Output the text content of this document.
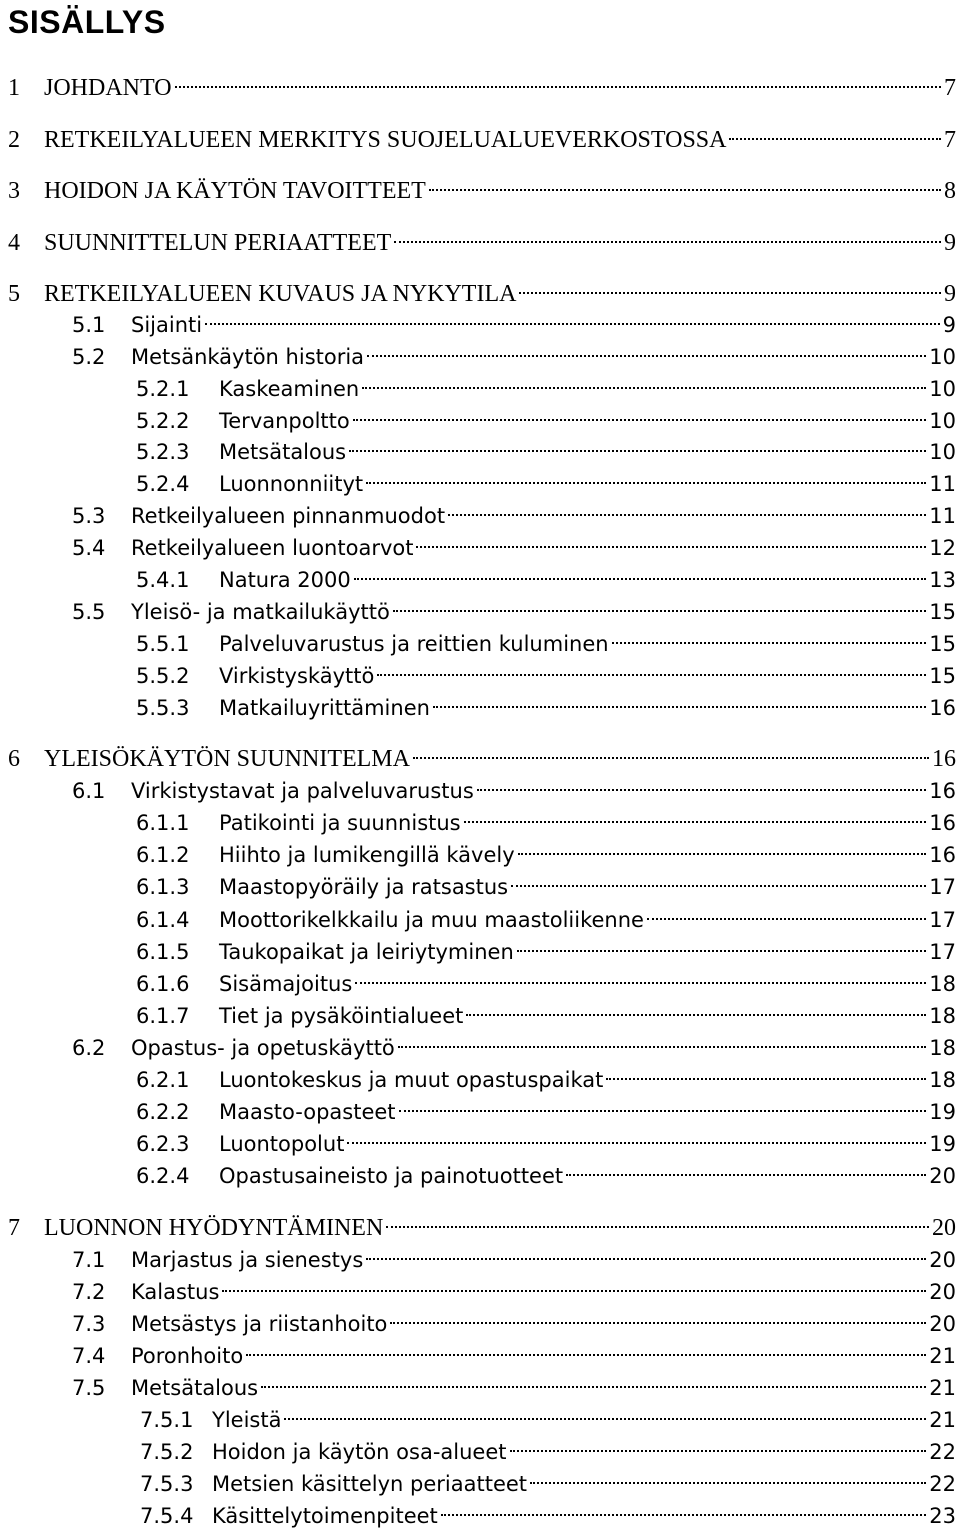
SISÄLLYS
1	JOHDANTO	7
2	RETKEILYALUEEN MERKITYS SUOJELUALUEVERKOSTOSSA	7
3	HOIDON JA KÄYTÖN TAVOITTEET	8
4	SUUNNITTELUN PERIAATTEET	9
5	RETKEILYALUEEN KUVAUS JA NYKYTILA	9
5.1	Sijainti	9
5.2	Metsänkäytön historia	10
5.2.1	Kaskeaminen	10
5.2.2	Tervanpoltto	10
5.2.3	Metsätalous	10
5.2.4	Luonnonniityt	11
5.3	Retkeilyalueen pinnanmuodot	11
5.4	Retkeilyalueen luontoarvot	12
5.4.1	Natura 2000	13
5.5	Yleisö- ja matkailukäyttö	15
5.5.1	Palveluvarustus ja reittien kuluminen	15
5.5.2	Virkistyskäyttö	15
5.5.3	Matkailuyrittäminen	16
6	YLEISÖKÄYTÖN SUUNNITELMA	16
6.1	Virkistystavat ja palveluvarustus	16
6.1.1	Patikointi ja suunnistus	16
6.1.2	Hiihto ja lumikengillä kävely	16
6.1.3	Maastopyöräily ja ratsastus	17
6.1.4	Moottorikelkkailu ja muu maastoliikenne	17
6.1.5	Taukopaikat ja leiriytyminen	17
6.1.6	Sisämajoitus	18
6.1.7	Tiet ja pysäköintialueet	18
6.2	Opastus- ja opetuskäyttö	18
6.2.1	Luontokeskus ja muut opastuspaikat	18
6.2.2	Maasto-opasteet	19
6.2.3	Luontopolut	19
6.2.4	Opastusaineisto ja painotuotteet	20
7	LUONNON HYÖDYNTÄMINEN	20
7.1	Marjastus ja sienestys	20
7.2	Kalastus	20
7.3	Metsästys ja riistanhoito	20
7.4	Poronhoito	21
7.5	Metsätalous	21
7.5.1 Yleistä	21
7.5.2 Hoidon ja käytön osa-alueet	22
7.5.3 Metsien käsittelyn periaatteet	22
7.5.4 Käsittelytoimenpiteet	23
